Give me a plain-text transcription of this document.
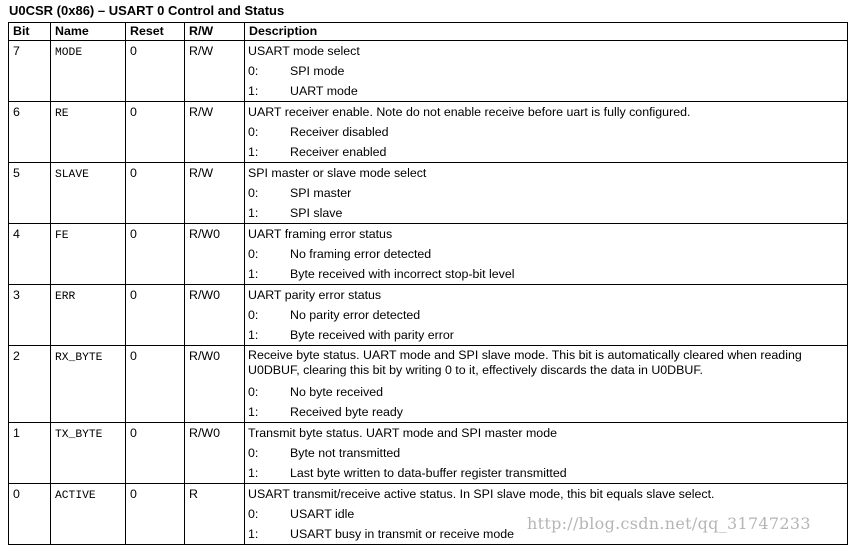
U0CSR (0x86) – USART 0 Control and Status
Bit	Name	Reset	R/W	Description
7	MODE	0	R/W	USART mode select
0: SPI mode
1: UART mode

6	RE	0	R/W	UART receiver enable. Note do not enable receive before uart is fully configured.
0: Receiver disabled
1: Receiver enabled

5	SLAVE	0	R/W	SPI master or slave mode select
0: SPI master
1: SPI slave

4	FE	0	R/W0	UART framing error status
0: No framing error detected
1: Byte received with incorrect stop-bit level

3	ERR	0	R/W0	UART parity error status
0: No parity error detected
1: Byte received with parity error

2	RX_BYTE	0	R/W0	Receive byte status. UART mode and SPI slave mode. This bit is automatically cleared when reading U0DBUF, clearing this bit by writing 0 to it, effectively discards the data in U0DBUF.
0: No byte received
1: Received byte ready

1	TX_BYTE	0	R/W0	Transmit byte status. UART mode and SPI master mode
0: Byte not transmitted
1: Last byte written to data-buffer register transmitted

0	ACTIVE	0	R	USART transmit/receive active status. In SPI slave mode, this bit equals slave select.
0: USART idle
1: USART busy in transmit or receive mode
http://blog.csdn.net/qq_31747233
